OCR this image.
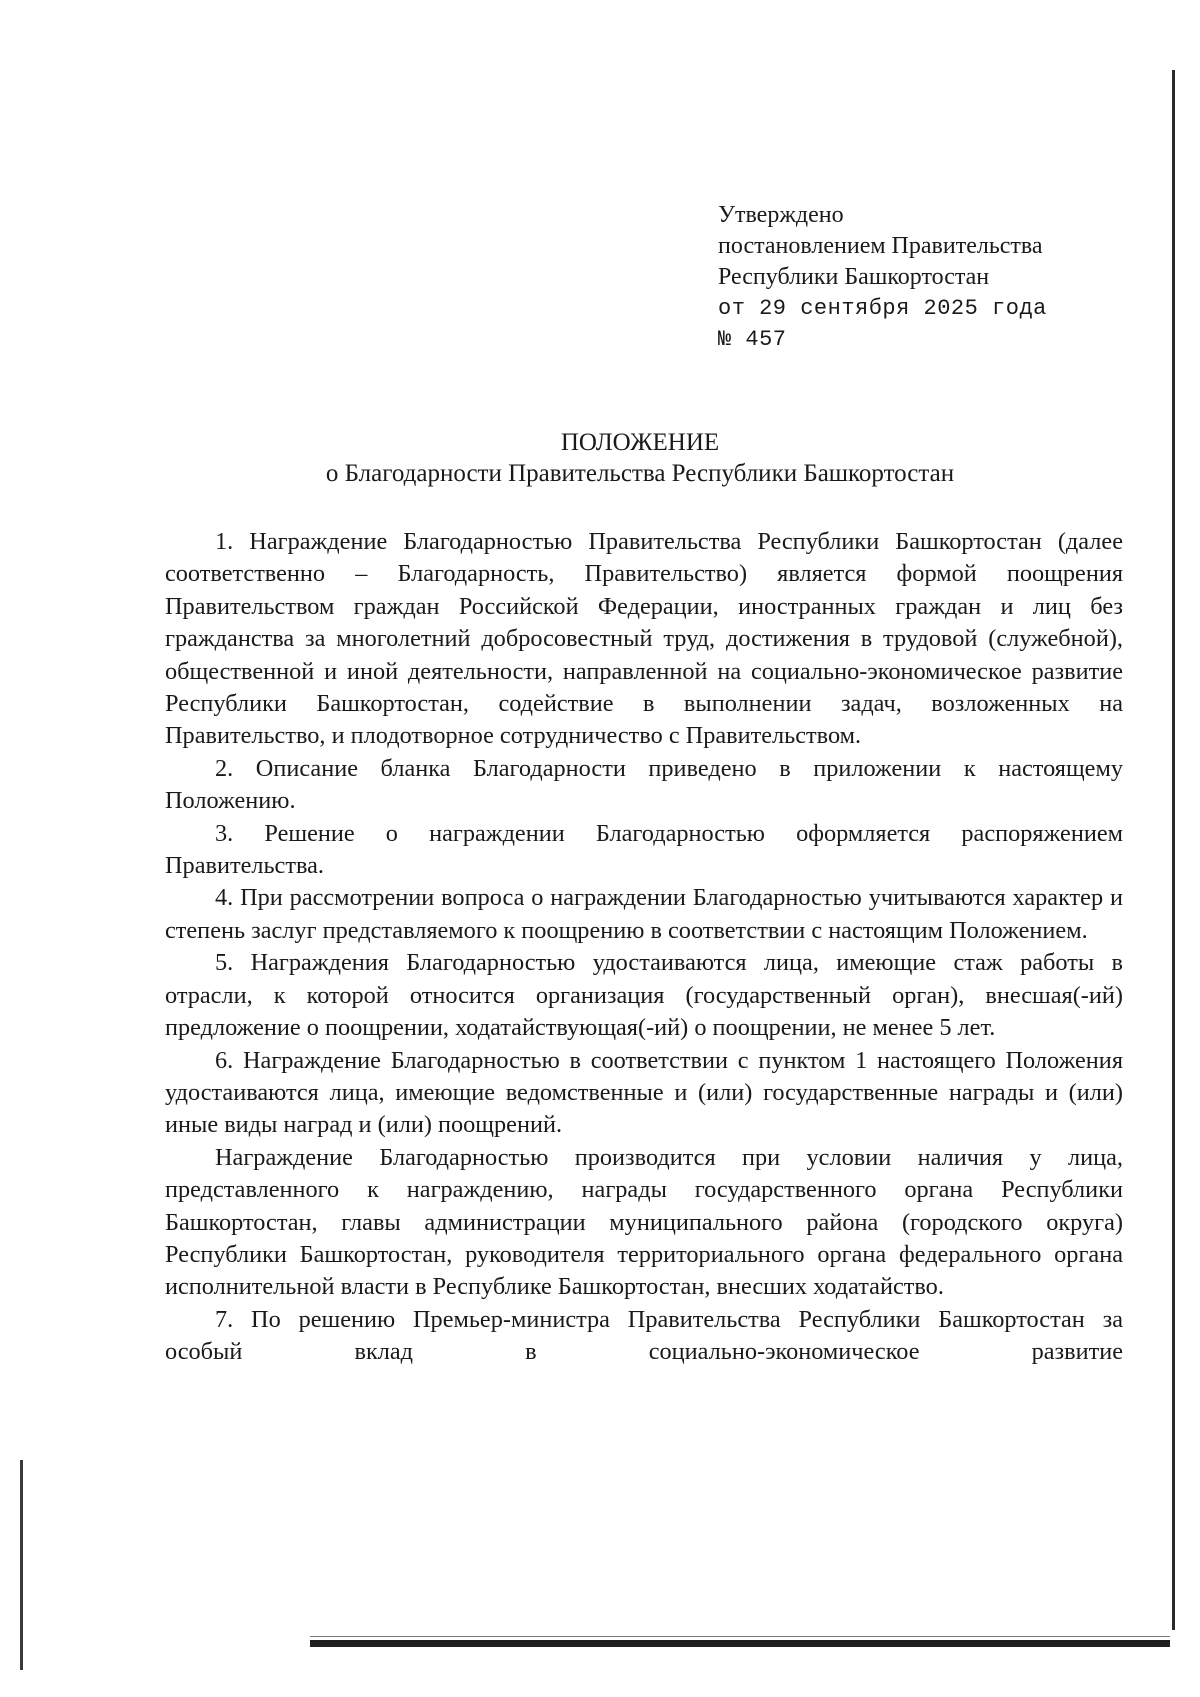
Утверждено
постановлением Правительства
Республики Башкортостан
от 29 сентября 2025 года
№ 457
ПОЛОЖЕНИЕ
о Благодарности Правительства Республики Башкортостан

1. Награждение Благодарностью Правительства Республики Башкортостан (далее соответственно – Благодарность, Правительство) является формой поощрения Правительством граждан Российской Федерации, иностранных граждан и лиц без гражданства за многолетний добросовестный труд, достижения в трудовой (служебной), общественной и иной деятельности, направленной на социально-экономическое развитие Республики Башкортостан, содействие в выполнении задач, возложенных на Правительство, и плодотворное сотрудничество с Правительством.

2. Описание бланка Благодарности приведено в приложении к настоящему Положению.

3. Решение о награждении Благодарностью оформляется распоряжением Правительства.

4. При рассмотрении вопроса о награждении Благодарностью учитываются характер и степень заслуг представляемого к поощрению в соответствии с настоящим Положением.

5. Награждения Благодарностью удостаиваются лица, имеющие стаж работы в отрасли, к которой относится организация (государственный орган), внесшая(-ий) предложение о поощрении, ходатайствующая(-ий) о поощрении, не менее 5 лет.

6. Награждение Благодарностью в соответствии с пунктом 1 настоящего Положения удостаиваются лица, имеющие ведомственные и (или) государственные награды и (или) иные виды наград и (или) поощрений.

Награждение Благодарностью производится при условии наличия у лица, представленного к награждению, награды государственного органа Республики Башкортостан, главы администрации муниципального района (городского округа) Республики Башкортостан, руководителя территориального органа федерального органа исполнительной власти в Республике Башкортостан, внесших ходатайство.

7. По решению Премьер-министра Правительства Республики Башкортостан за особый вклад в социально-экономическое развитие
